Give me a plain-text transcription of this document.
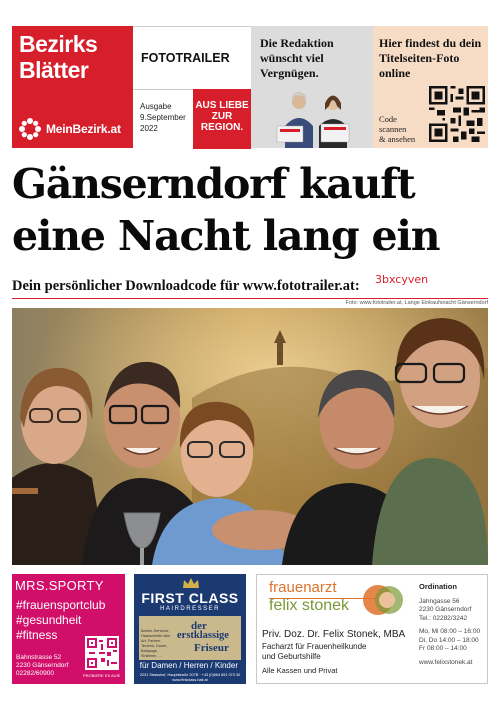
Bezirks
Blätter
MeinBezirk.at
FOTOTRAILER
Ausgabe
9.September 2022
AUS LIEBE ZUR REGION.
Die Redaktion wünscht viel Vergnügen.
Hier findest du dein Titelseiten-Foto online
Code
scannen
& ansehen
Gänserndorf kauft
eine Nacht lang ein
Dein persönlicher Downloadcode für www.fototrailer.at: 3bxcyven
Foto: www.fototrailer.at, Lange Einkaufsnacht Gänserndorf
MRS.SPORTY
#frauensportclub
#gesundheit
#fitness
Bahnstrasse 52
2230 Gänserndorf
02282/60900	PROBIERE ES AUS!
FIRST CLASS
HAIRDRESSER
Barber-Services, Haarschnitte aller Art, Farben-Technik, Dauer, Balayage, Strähnen, ...
der
erstklassige
Friseur
für Damen / Herren / Kinder
2231 Strasshof, Hauptstraße 207B · +43 (0)664 651 073 30
www.firstclass-hair.at
frauenarzt
felix stonek
Priv. Doz. Dr. Felix Stonek, MBA
Facharzt für Frauenheilkunde
und Geburtshilfe
Alle Kassen und Privat
Ordination
Jahngasse 56
2230 Gänserndorf
Tel.: 02282/3242
Mo, Mi 08:00 – 16:00
Di, Do 14:00 – 18:00
Fr 08:00 – 14:00
www.felixstonek.at
